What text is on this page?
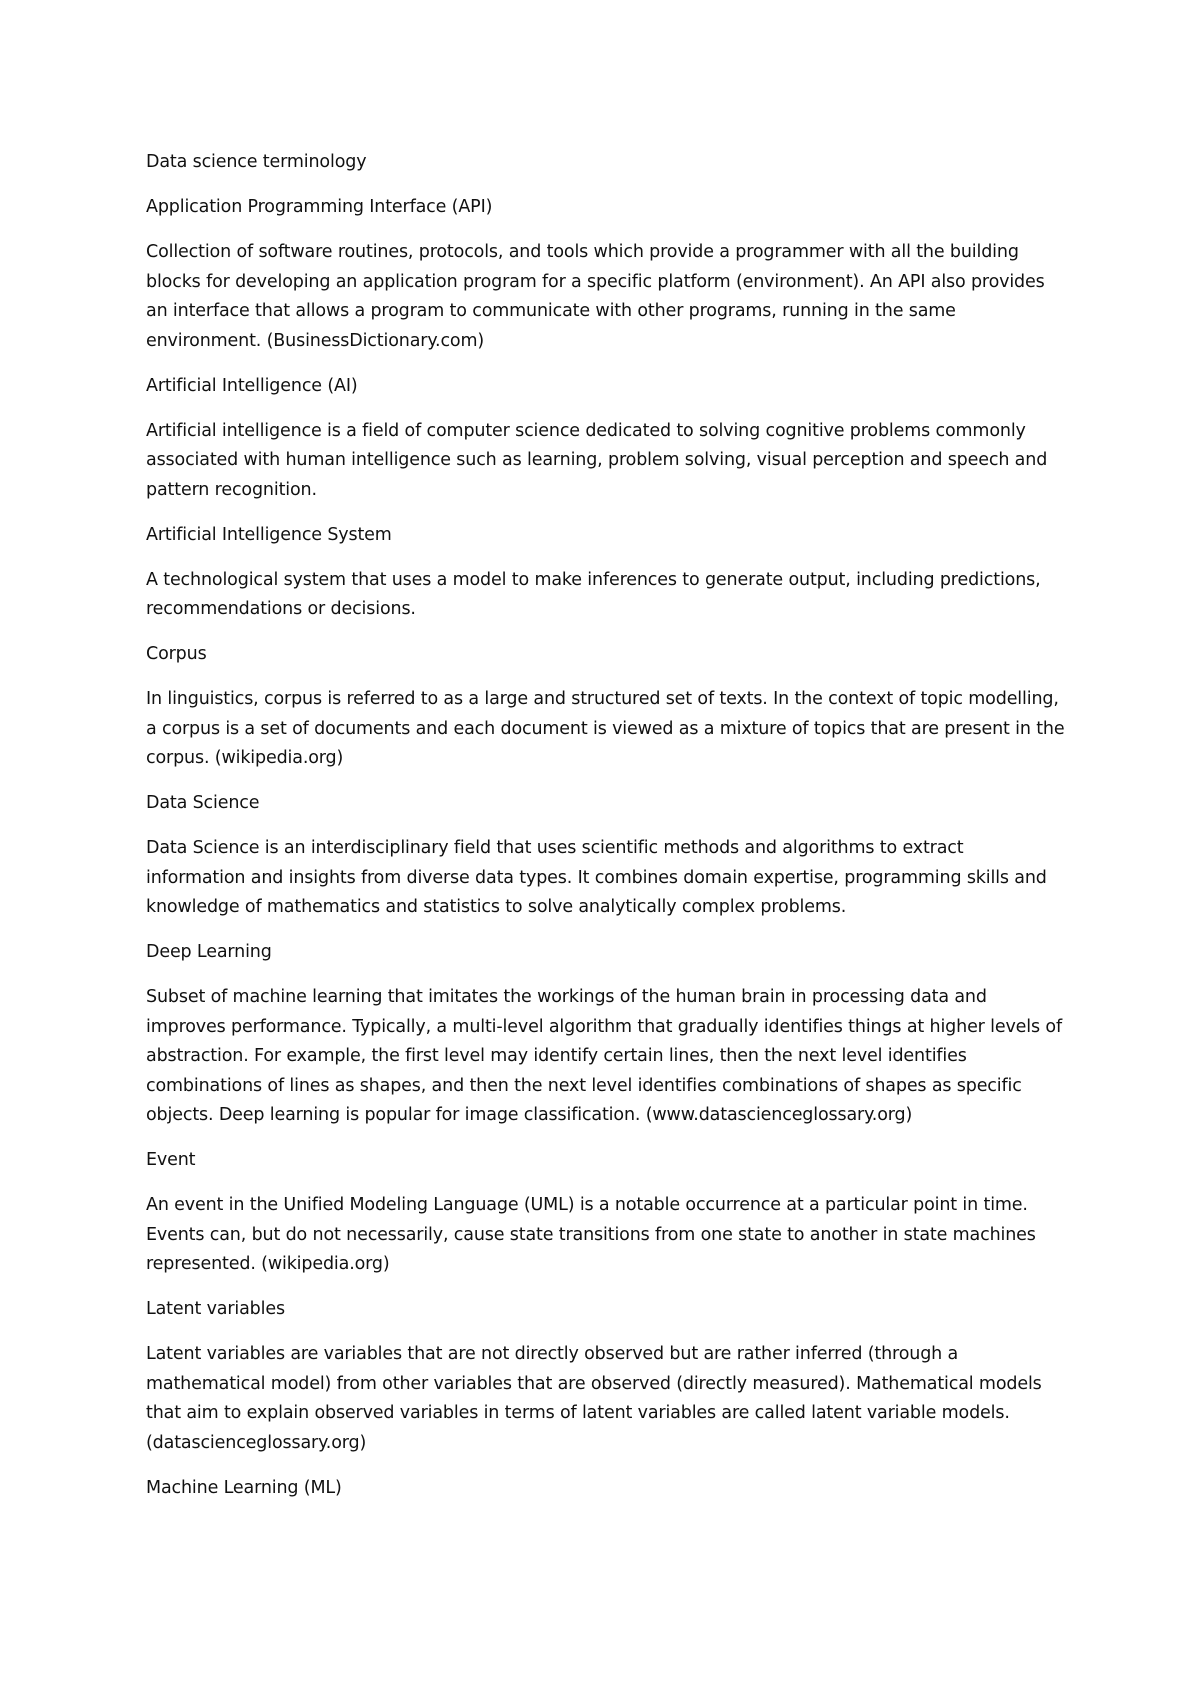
Data science terminology

Application Programming Interface (API)

Collection of software routines, protocols, and tools which provide a programmer with all the building blocks for developing an application program for a specific platform (environment). An API also provides an interface that allows a program to communicate with other programs, running in the same environment. (BusinessDictionary.com)

Artificial Intelligence (AI)

Artificial intelligence is a field of computer science dedicated to solving cognitive problems commonly associated with human intelligence such as learning, problem solving, visual perception and speech and pattern recognition.

Artificial Intelligence System

A technological system that uses a model to make inferences to generate output, including predictions, recommendations or decisions.

Corpus

In linguistics, corpus is referred to as a large and structured set of texts. In the context of topic modelling, a corpus is a set of documents and each document is viewed as a mixture of topics that are present in the corpus. (wikipedia.org)

Data Science

Data Science is an interdisciplinary field that uses scientific methods and algorithms to extract information and insights from diverse data types. It combines domain expertise, programming skills and knowledge of mathematics and statistics to solve analytically complex problems.

Deep Learning

Subset of machine learning that imitates the workings of the human brain in processing data and improves performance. Typically, a multi-level algorithm that gradually identifies things at higher levels of abstraction. For example, the first level may identify certain lines, then the next level identifies combinations of lines as shapes, and then the next level identifies combinations of shapes as specific objects. Deep learning is popular for image classification. (www.datascienceglossary.org)

Event

An event in the Unified Modeling Language (UML) is a notable occurrence at a particular point in time. Events can, but do not necessarily, cause state transitions from one state to another in state machines represented. (wikipedia.org)

Latent variables

Latent variables are variables that are not directly observed but are rather inferred (through a mathematical model) from other variables that are observed (directly measured). Mathematical models that aim to explain observed variables in terms of latent variables are called latent variable models. (datascienceglossary.org)

Machine Learning (ML)
